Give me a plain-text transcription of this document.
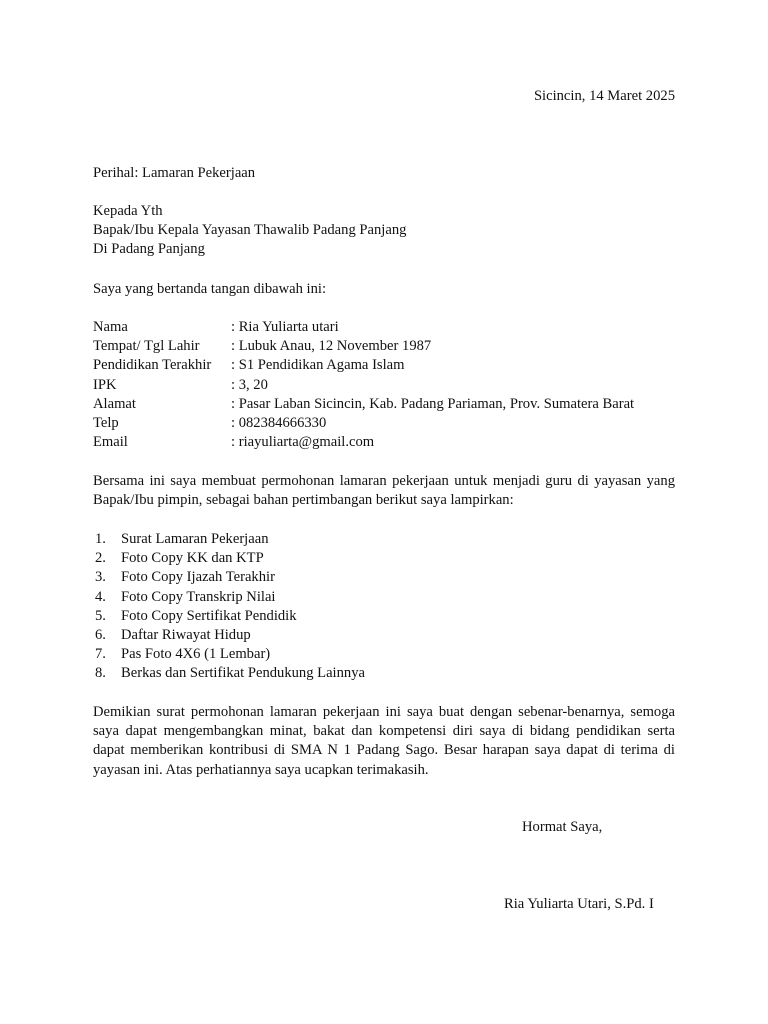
Sicincin, 14 Maret 2025
Perihal: Lamaran Pekerjaan
Kepada Yth
Bapak/Ibu Kepala Yayasan Thawalib Padang Panjang
Di Padang Panjang
Saya yang bertanda tangan dibawah ini:
Nama	: Ria Yuliarta utari
Tempat/ Tgl Lahir	: Lubuk Anau, 12 November 1987
Pendidikan Terakhir	: S1 Pendidikan Agama Islam
IPK	: 3, 20
Alamat	: Pasar Laban Sicincin, Kab. Padang Pariaman, Prov. Sumatera Barat
Telp	: 082384666330
Email	: riayuliarta@gmail.com
Bersama ini saya membuat permohonan lamaran pekerjaan untuk menjadi guru di yayasan yang Bapak/Ibu pimpin, sebagai bahan pertimbangan berikut saya lampirkan:
1.	Surat Lamaran Pekerjaan
2.	Foto Copy KK dan KTP
3.	Foto Copy Ijazah Terakhir
4.	Foto Copy Transkrip Nilai
5.	Foto Copy Sertifikat Pendidik
6.	Daftar Riwayat Hidup
7.	Pas Foto 4X6 (1 Lembar)
8.	Berkas dan Sertifikat Pendukung Lainnya
Demikian surat permohonan lamaran pekerjaan ini saya buat dengan sebenar-benarnya, semoga saya dapat mengembangkan minat, bakat dan kompetensi diri saya di bidang pendidikan serta dapat memberikan kontribusi di SMA N 1 Padang Sago. Besar harapan saya dapat di terima di yayasan ini. Atas perhatiannya saya ucapkan terimakasih.
Hormat Saya,
Ria Yuliarta Utari, S.Pd. I
